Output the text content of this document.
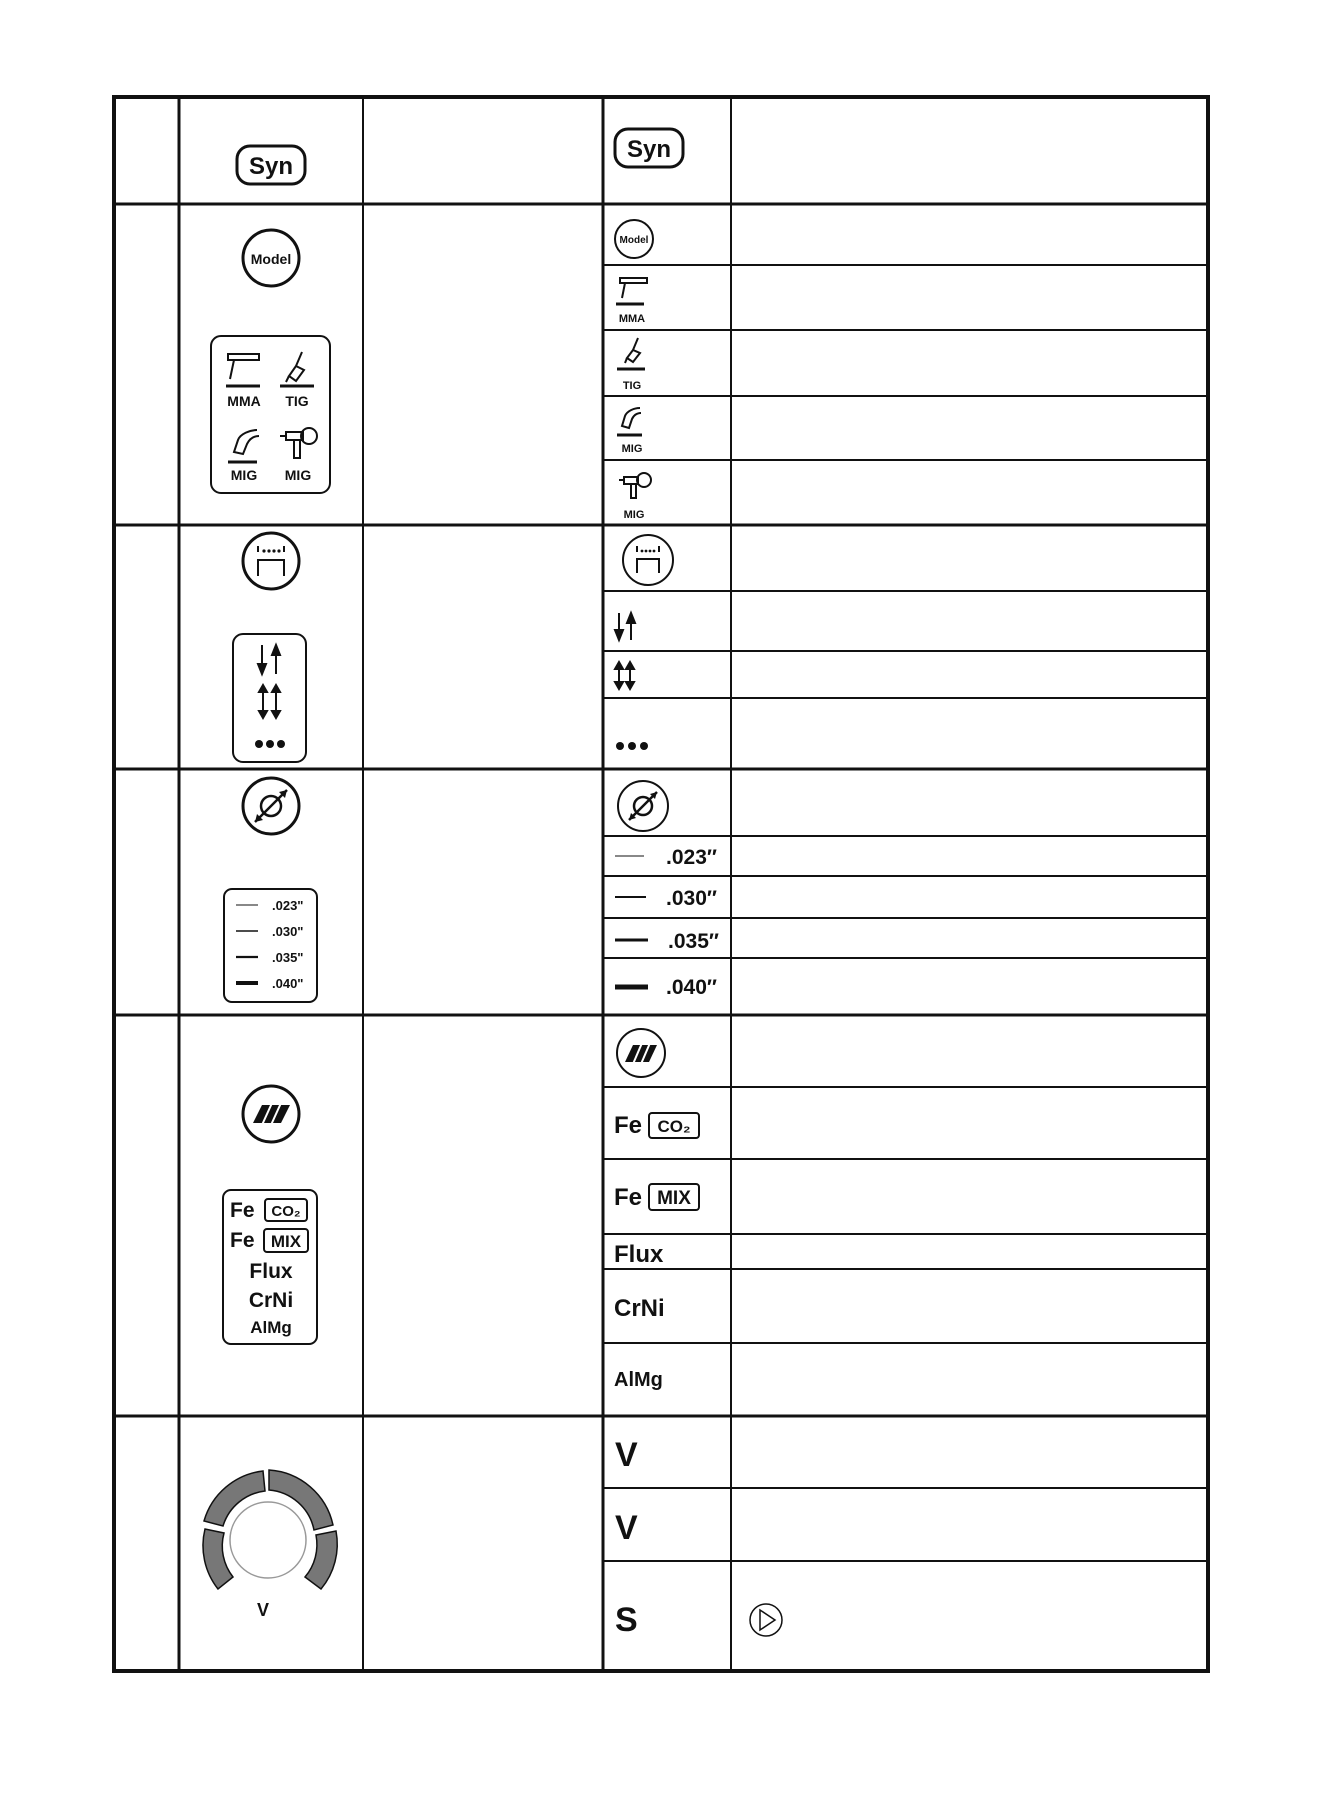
Syn
Syn
Model
MMA TIG
MIG MIG
Model
MMA
TIG
MIG
MIG
.023"
.030"
.035"
.040"
.023″
.030″
.035″
.040″
Fe CO₂
Fe MIX
Flux
CrNi
AlMg
Fe CO₂
Fe MIX
Flux
CrNi
AlMg
V
V
V
S
